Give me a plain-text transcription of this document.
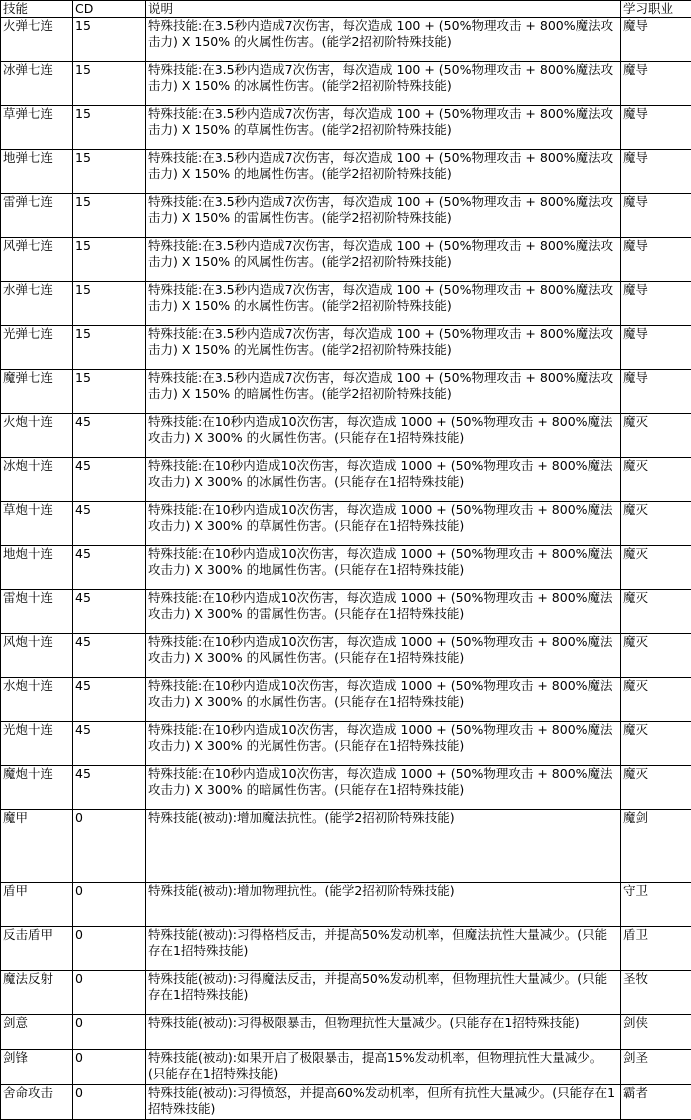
技能	CD	说明	学习职业
火弹七连	15	特殊技能:在3.5秒内造成7次伤害，每次造成 100 + (50%物理攻击 + 800%魔法攻击力) X 150% 的火属性伤害。(能学2招初阶特殊技能)	魔导
冰弹七连	15	特殊技能:在3.5秒内造成7次伤害，每次造成 100 + (50%物理攻击 + 800%魔法攻击力) X 150% 的冰属性伤害。(能学2招初阶特殊技能)	魔导
草弹七连	15	特殊技能:在3.5秒内造成7次伤害，每次造成 100 + (50%物理攻击 + 800%魔法攻击力) X 150% 的草属性伤害。(能学2招初阶特殊技能)	魔导
地弹七连	15	特殊技能:在3.5秒内造成7次伤害，每次造成 100 + (50%物理攻击 + 800%魔法攻击力) X 150% 的地属性伤害。(能学2招初阶特殊技能)	魔导
雷弹七连	15	特殊技能:在3.5秒内造成7次伤害，每次造成 100 + (50%物理攻击 + 800%魔法攻击力) X 150% 的雷属性伤害。(能学2招初阶特殊技能)	魔导
风弹七连	15	特殊技能:在3.5秒内造成7次伤害，每次造成 100 + (50%物理攻击 + 800%魔法攻击力) X 150% 的风属性伤害。(能学2招初阶特殊技能)	魔导
水弹七连	15	特殊技能:在3.5秒内造成7次伤害，每次造成 100 + (50%物理攻击 + 800%魔法攻击力) X 150% 的水属性伤害。(能学2招初阶特殊技能)	魔导
光弹七连	15	特殊技能:在3.5秒内造成7次伤害，每次造成 100 + (50%物理攻击 + 800%魔法攻击力) X 150% 的光属性伤害。(能学2招初阶特殊技能)	魔导
魔弹七连	15	特殊技能:在3.5秒内造成7次伤害，每次造成 100 + (50%物理攻击 + 800%魔法攻击力) X 150% 的暗属性伤害。(能学2招初阶特殊技能)	魔导
火炮十连	45	特殊技能:在10秒内造成10次伤害，每次造成 1000 + (50%物理攻击 + 800%魔法攻击力) X 300% 的火属性伤害。(只能存在1招特殊技能)	魔灭
冰炮十连	45	特殊技能:在10秒内造成10次伤害，每次造成 1000 + (50%物理攻击 + 800%魔法攻击力) X 300% 的冰属性伤害。(只能存在1招特殊技能)	魔灭
草炮十连	45	特殊技能:在10秒内造成10次伤害，每次造成 1000 + (50%物理攻击 + 800%魔法攻击力) X 300% 的草属性伤害。(只能存在1招特殊技能)	魔灭
地炮十连	45	特殊技能:在10秒内造成10次伤害，每次造成 1000 + (50%物理攻击 + 800%魔法攻击力) X 300% 的地属性伤害。(只能存在1招特殊技能)	魔灭
雷炮十连	45	特殊技能:在10秒内造成10次伤害，每次造成 1000 + (50%物理攻击 + 800%魔法攻击力) X 300% 的雷属性伤害。(只能存在1招特殊技能)	魔灭
风炮十连	45	特殊技能:在10秒内造成10次伤害，每次造成 1000 + (50%物理攻击 + 800%魔法攻击力) X 300% 的风属性伤害。(只能存在1招特殊技能)	魔灭
水炮十连	45	特殊技能:在10秒内造成10次伤害，每次造成 1000 + (50%物理攻击 + 800%魔法攻击力) X 300% 的水属性伤害。(只能存在1招特殊技能)	魔灭
光炮十连	45	特殊技能:在10秒内造成10次伤害，每次造成 1000 + (50%物理攻击 + 800%魔法攻击力) X 300% 的光属性伤害。(只能存在1招特殊技能)	魔灭
魔炮十连	45	特殊技能:在10秒内造成10次伤害，每次造成 1000 + (50%物理攻击 + 800%魔法攻击力) X 300% 的暗属性伤害。(只能存在1招特殊技能)	魔灭
魔甲	0	特殊技能(被动):增加魔法抗性。(能学2招初阶特殊技能)	魔剑
盾甲	0	特殊技能(被动):增加物理抗性。(能学2招初阶特殊技能)	守卫
反击盾甲	0	特殊技能(被动):习得格档反击，并提高50%发动机率，但魔法抗性大量减少。(只能存在1招特殊技能)	盾卫
魔法反射	0	特殊技能(被动):习得魔法反击，并提高50%发动机率，但物理抗性大量减少。(只能存在1招特殊技能)	圣牧
剑意	0	特殊技能(被动):习得极限暴击，但物理抗性大量减少。(只能存在1招特殊技能)	剑侠
剑锋	0	特殊技能(被动):如果开启了极限暴击，提高15%发动机率，但物理抗性大量减少。(只能存在1招特殊技能)	剑圣
舍命攻击	0	特殊技能(被动):习得愤怒，并提高60%发动机率，但所有抗性大量减少。(只能存在1招特殊技能)	霸者
